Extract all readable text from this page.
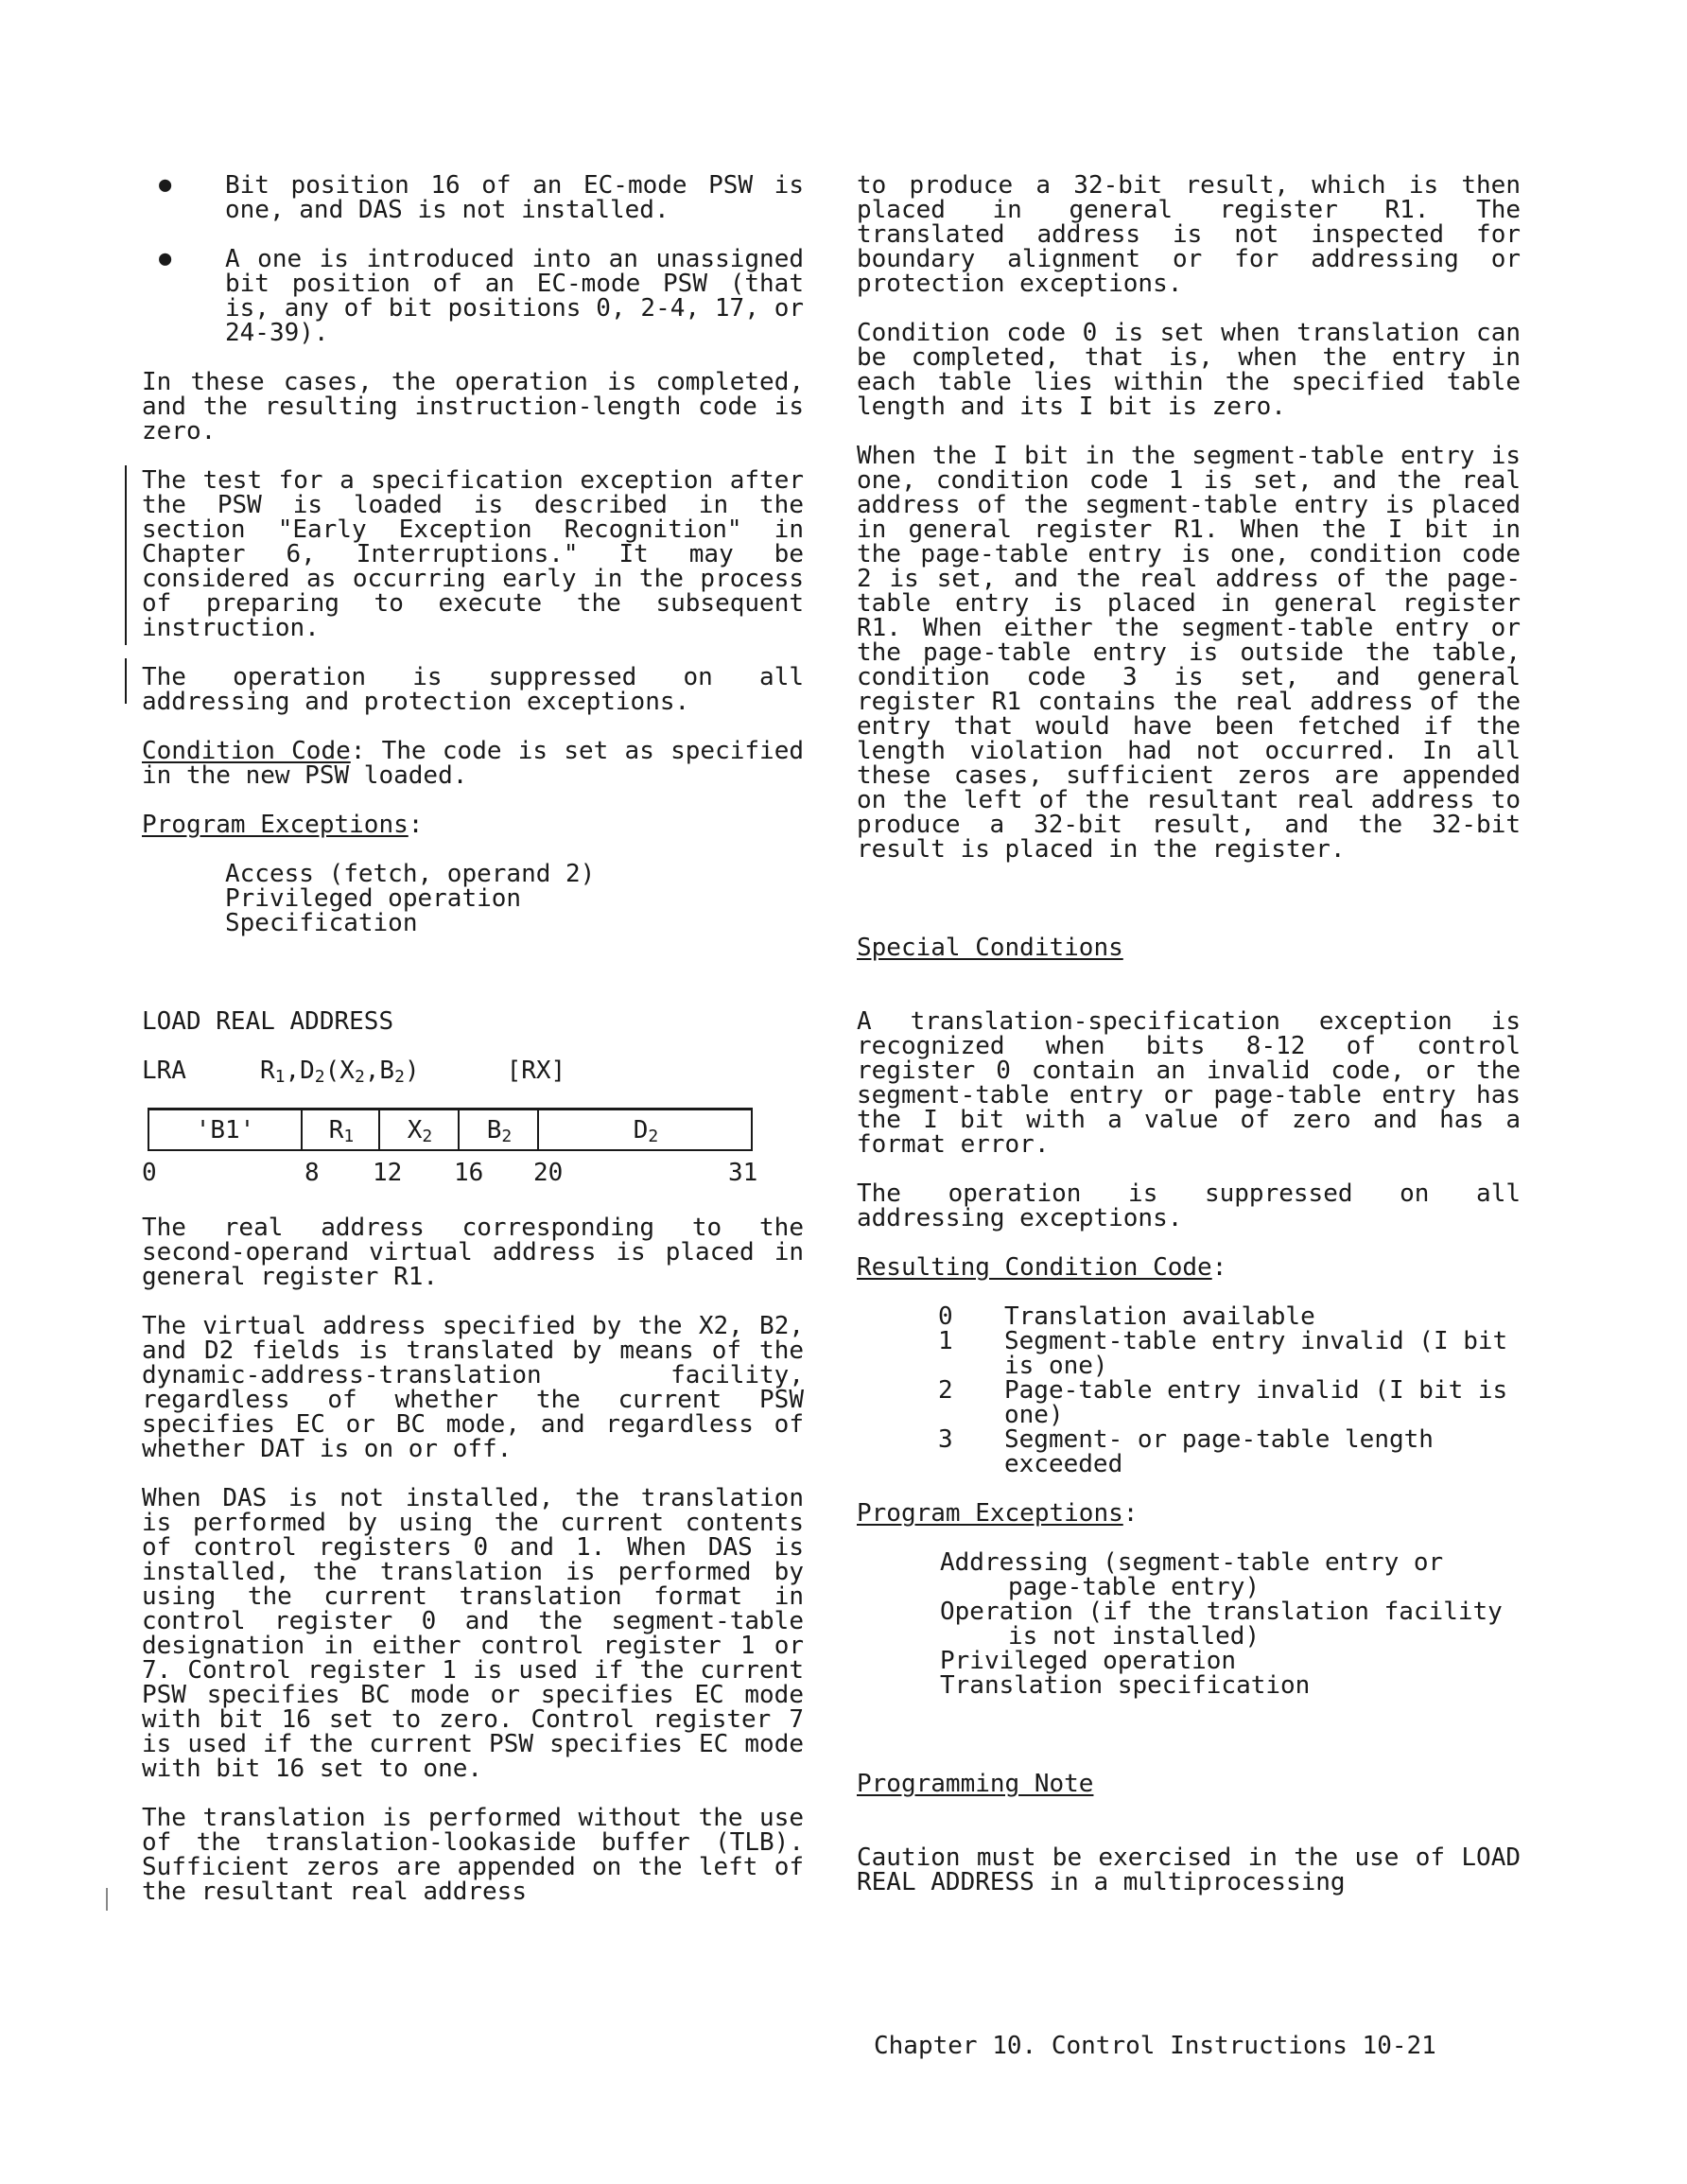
● Bit position 16 of an EC-mode PSW is one, and DAS is not installed.
● A one is introduced into an unassigned bit position of an EC-mode PSW (that is, any of bit positions 0, 2-4, 17, or 24-39).

In these cases, the operation is completed, and the resulting instruction-length code is zero.

The test for a specification exception after the PSW is loaded is described in the section "Early Exception Recognition" in Chapter 6, Interruptions." It may be considered as occurring early in the process of preparing to execute the subsequent instruction.

The operation is suppressed on all addressing and protection exceptions.

Condition Code: The code is set as specified in the new PSW loaded.

Program Exceptions:

Access (fetch, operand 2)
Privileged operation
Specification

LOAD REAL ADDRESS

LRA	$R_1,D_2(X_2,B_2)$	[RX]

'B1'	$R_1$	$X_2$	$B_2$	$D_2$
0	8 12 16 20	31

The real address corresponding to the second-operand virtual address is placed in general register R1.

The virtual address specified by the X2, B2, and D2 fields is translated by means of the dynamic-address-translation facility, regardless of whether the current PSW specifies EC or BC mode, and regardless of whether DAT is on or off.

When DAS is not installed, the translation is performed by using the current contents of control registers 0 and 1. When DAS is installed, the translation is performed by using the current translation format in control register 0 and the segment-table designation in either control register 1 or 7. Control register 1 is used if the current PSW specifies BC mode or specifies EC mode with bit 16 set to zero. Control register 7 is used if the current PSW specifies EC mode with bit 16 set to one.

The translation is performed without the use of the translation-lookaside buffer (TLB). Sufficient zeros are appended on the left of the resultant real address

to produce a 32-bit result, which is then placed in general register R1. The translated address is not inspected for boundary alignment or for addressing or protection exceptions.

Condition code 0 is set when translation can be completed, that is, when the entry in each table lies within the specified table length and its I bit is zero.

When the I bit in the segment-table entry is one, condition code 1 is set, and the real address of the segment-table entry is placed in general register R1. When the I bit in the page-table entry is one, condition code 2 is set, and the real address of the page-table entry is placed in general register R1. When either the segment-table entry or the page-table entry is outside the table, condition code 3 is set, and general register R1 contains the real address of the entry that would have been fetched if the length violation had not occurred. In all these cases, sufficient zeros are appended on the left of the resultant real address to produce a 32-bit result, and the 32-bit result is placed in the register.

Special Conditions

A translation-specification exception is recognized when bits 8-12 of control register 0 contain an invalid code, or the segment-table entry or page-table entry has the I bit with a value of zero and has a format error.

The operation is suppressed on all addressing exceptions.

Resulting Condition Code:

0	Translation available
1	Segment-table entry invalid (I bit is one)
2	Page-table entry invalid (I bit is one)
3	Segment- or page-table length exceeded

Program Exceptions:

Addressing (segment-table entry or page-table entry)
Operation (if the translation facility is not installed)
Privileged operation
Translation specification

Programming Note

Caution must be exercised in the use of LOAD REAL ADDRESS in a multiprocessing

Chapter 10. Control Instructions 10-21
